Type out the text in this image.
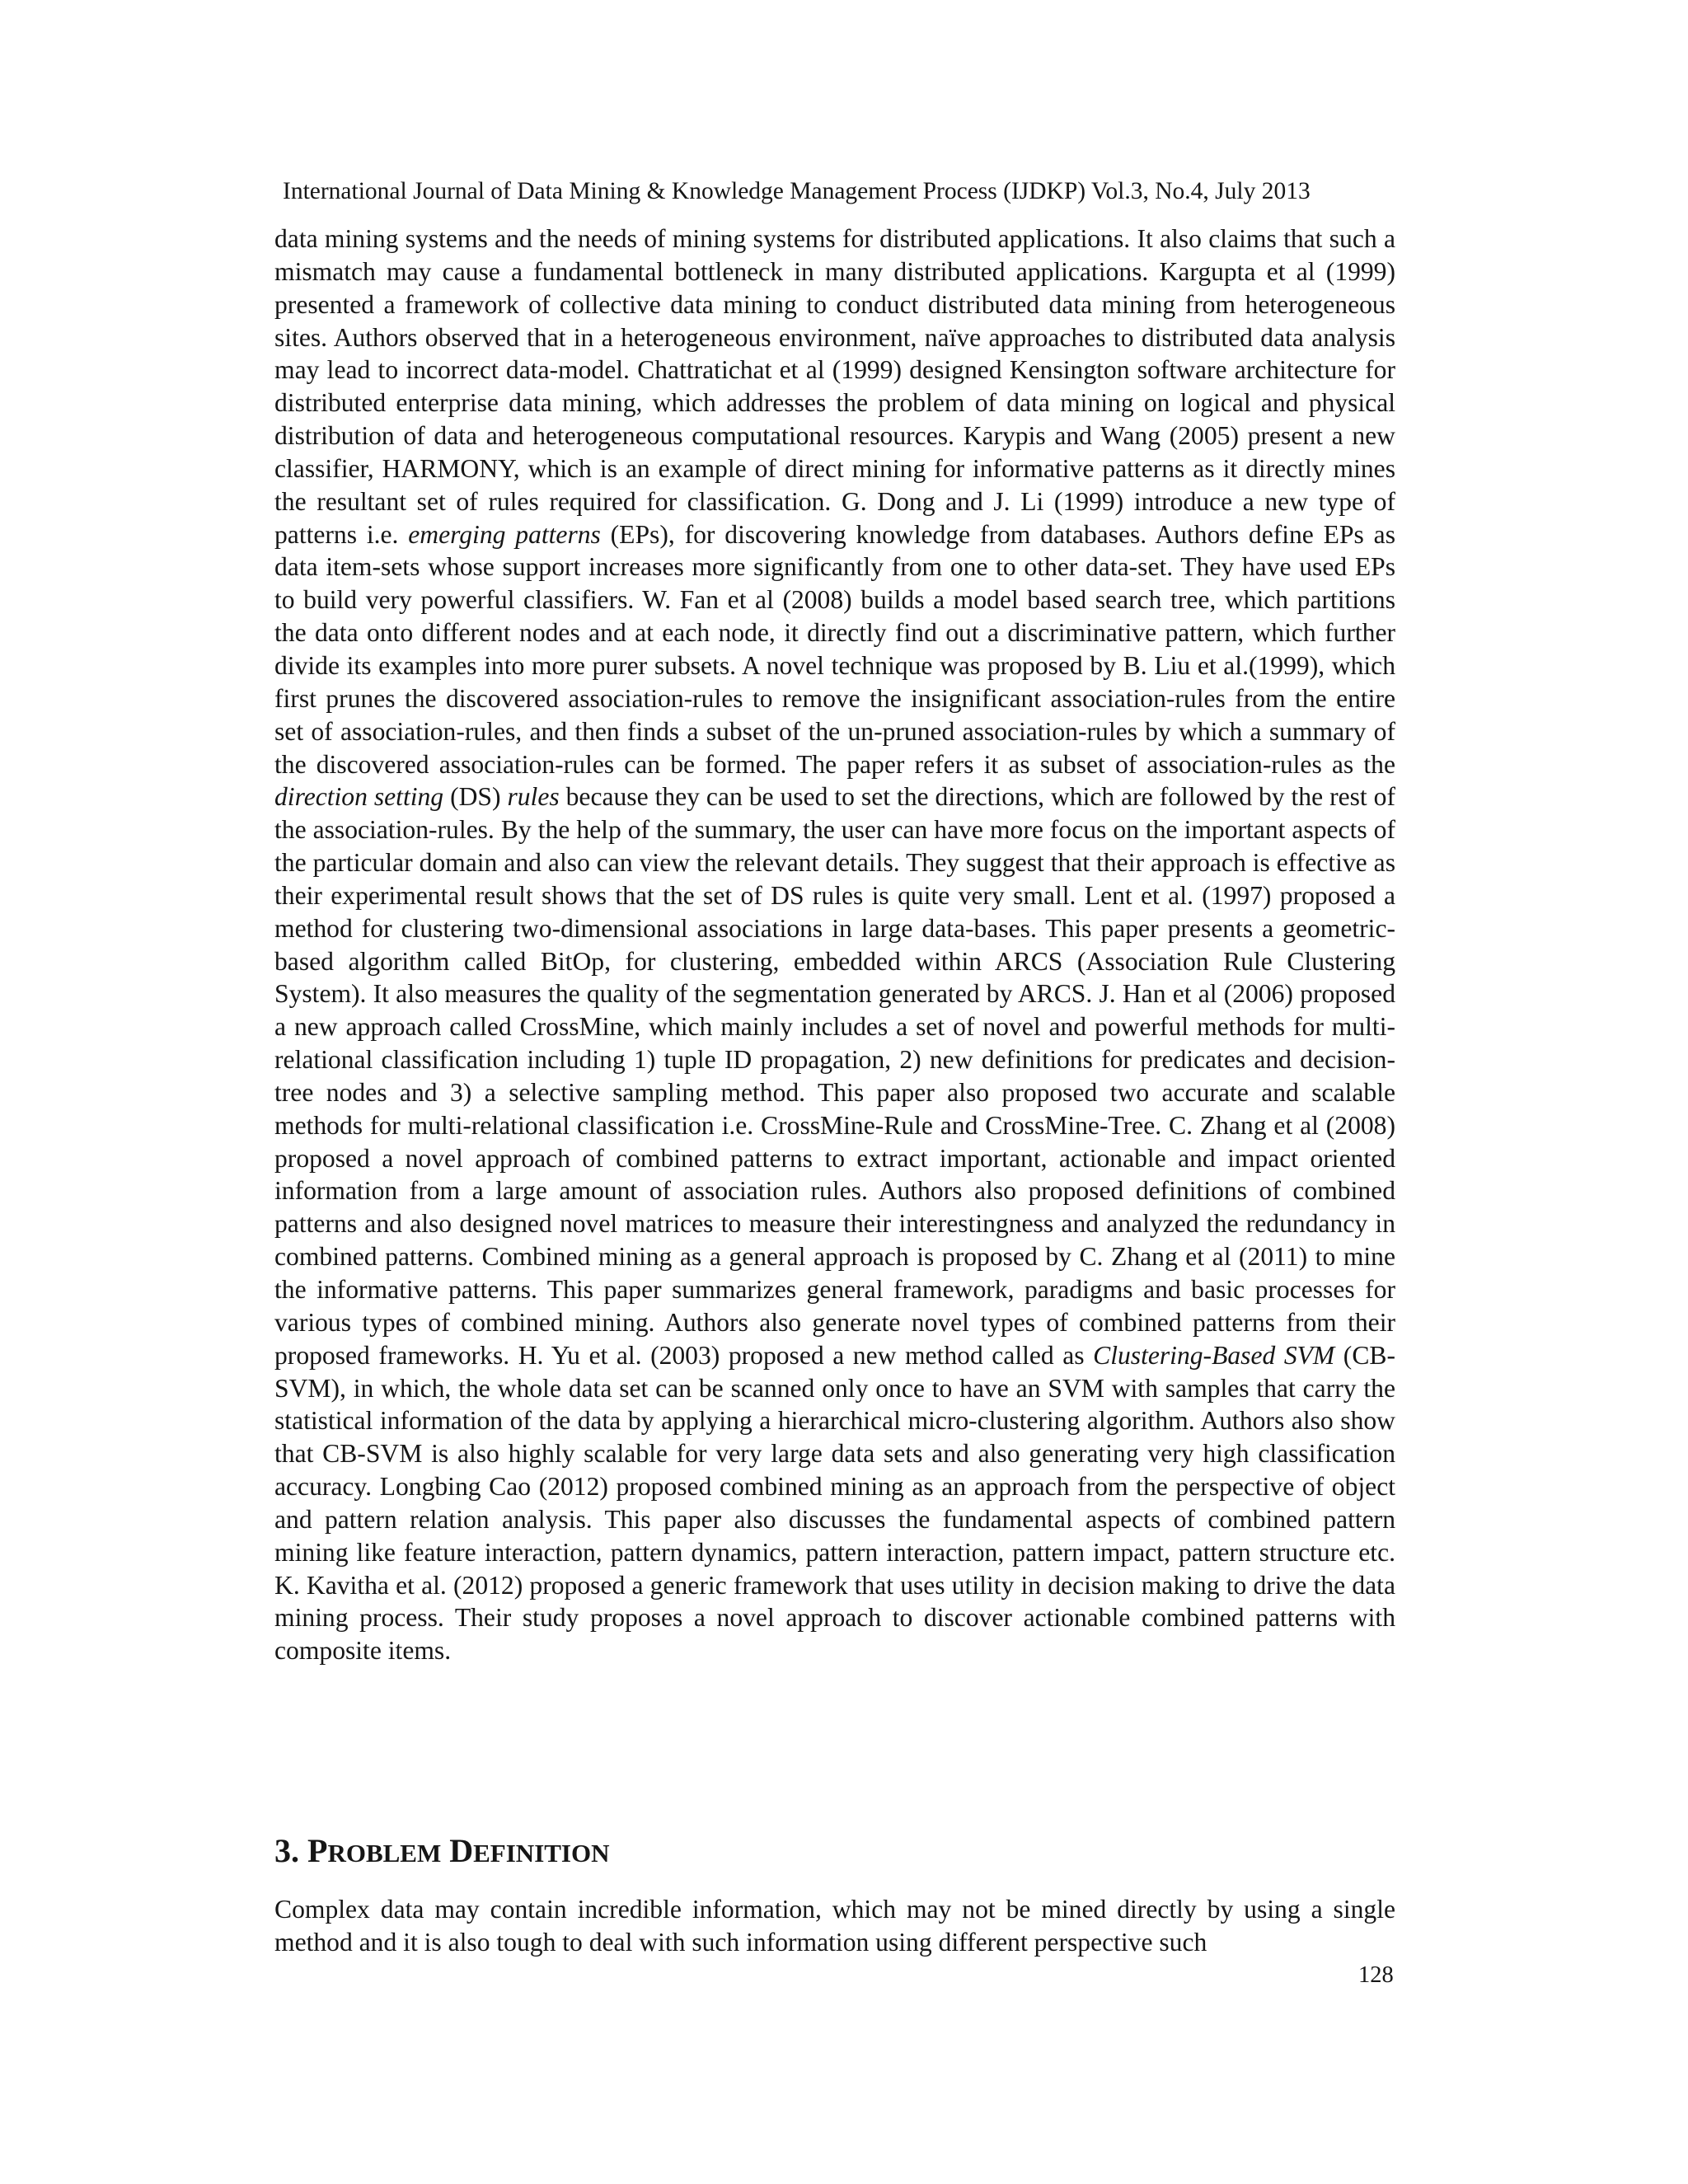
International Journal of Data Mining & Knowledge Management Process (IJDKP) Vol.3, No.4, July 2013

data mining systems and the needs of mining systems for distributed applications. It also claims that such a mismatch may cause a fundamental bottleneck in many distributed applications. Kargupta et al (1999) presented a framework of collective data mining to conduct distributed data mining from heterogeneous sites. Authors observed that in a heterogeneous environment, naïve approaches to distributed data analysis may lead to incorrect data-model. Chattratichat et al (1999) designed Kensington software architecture for distributed enterprise data mining, which addresses the problem of data mining on logical and physical distribution of data and heterogeneous computational resources. Karypis and Wang (2005) present a new classifier, HARMONY, which is an example of direct mining for informative patterns as it directly mines the resultant set of rules required for classification. G. Dong and J. Li (1999) introduce a new type of patterns i.e. emerging patterns (EPs), for discovering knowledge from databases. Authors define EPs as data item-sets whose support increases more significantly from one to other data-set. They have used EPs to build very powerful classifiers. W. Fan et al (2008) builds a model based search tree, which partitions the data onto different nodes and at each node, it directly find out a discriminative pattern, which further divide its examples into more purer subsets. A novel technique was proposed by B. Liu et al.(1999), which first prunes the discovered association-rules to remove the insignificant association-rules from the entire set of association-rules, and then finds a subset of the un-pruned association-rules by which a summary of the discovered association-rules can be formed. The paper refers it as subset of association-rules as the direction setting (DS) rules because they can be used to set the directions, which are followed by the rest of the association-rules. By the help of the summary, the user can have more focus on the important aspects of the particular domain and also can view the relevant details. They suggest that their approach is effective as their experimental result shows that the set of DS rules is quite very small. Lent et al. (1997) proposed a method for clustering two-dimensional associations in large data-bases. This paper presents a geometric-based algorithm called BitOp, for clustering, embedded within ARCS (Association Rule Clustering System). It also measures the quality of the segmentation generated by ARCS. J. Han et al (2006) proposed a new approach called CrossMine, which mainly includes a set of novel and powerful methods for multi-relational classification including 1) tuple ID propagation, 2) new definitions for predicates and decision-tree nodes and 3) a selective sampling method. This paper also proposed two accurate and scalable methods for multi-relational classification i.e. CrossMine-Rule and CrossMine-Tree. C. Zhang et al (2008) proposed a novel approach of combined patterns to extract important, actionable and impact oriented information from a large amount of association rules. Authors also proposed definitions of combined patterns and also designed novel matrices to measure their interestingness and analyzed the redundancy in combined patterns. Combined mining as a general approach is proposed by C. Zhang et al (2011) to mine the informative patterns. This paper summarizes general framework, paradigms and basic processes for various types of combined mining. Authors also generate novel types of combined patterns from their proposed frameworks. H. Yu et al. (2003) proposed a new method called as Clustering-Based SVM (CB-SVM), in which, the whole data set can be scanned only once to have an SVM with samples that carry the statistical information of the data by applying a hierarchical micro-clustering algorithm. Authors also show that CB-SVM is also highly scalable for very large data sets and also generating very high classification accuracy. Longbing Cao (2012) proposed combined mining as an approach from the perspective of object and pattern relation analysis. This paper also discusses the fundamental aspects of combined pattern mining like feature interaction, pattern dynamics, pattern interaction, pattern impact, pattern structure etc. K. Kavitha et al. (2012) proposed a generic framework that uses utility in decision making to drive the data mining process. Their study proposes a novel approach to discover actionable combined patterns with composite items.

3. PROBLEM DEFINITION

Complex data may contain incredible information, which may not be mined directly by using a single method and it is also tough to deal with such information using different perspective such

128
